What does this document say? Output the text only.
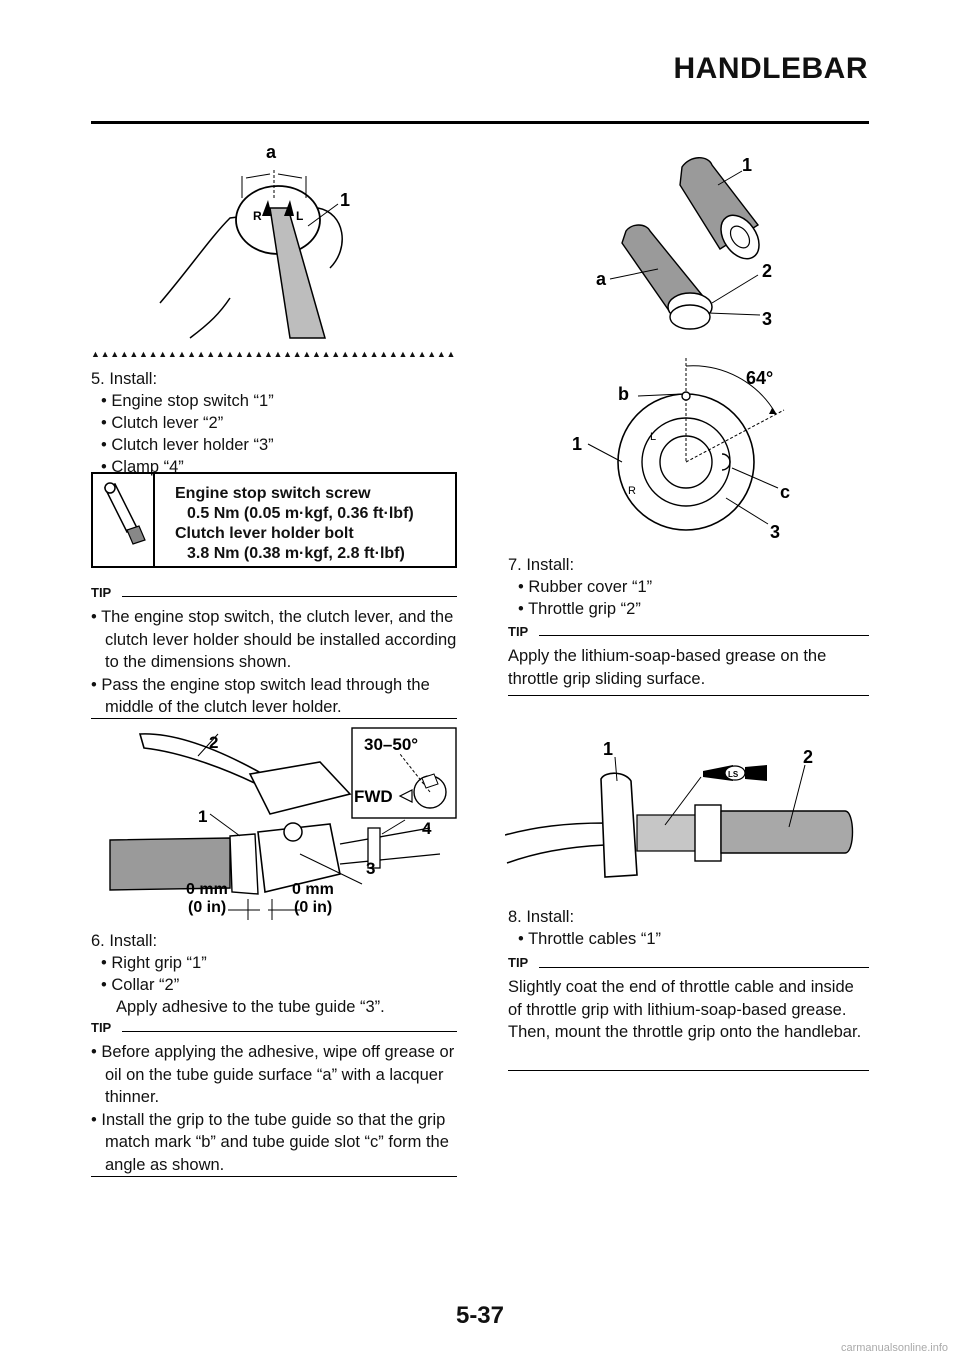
HANDLEBAR
R	L
a
1
▲▲▲▲▲▲▲▲▲▲▲▲▲▲▲▲▲▲▲▲▲▲▲▲▲▲▲▲▲▲▲▲▲▲▲▲▲▲
5. Install:
• Engine stop switch “1”
• Clutch lever “2”
• Clutch lever holder “3”
• Clamp “4”
Engine stop switch screw
0.5 Nm (0.05 m·kgf, 0.36 ft·lbf)
Clutch lever holder bolt
3.8 Nm (0.38 m·kgf, 2.8 ft·lbf)
TIP
• The engine stop switch, the clutch lever, and the clutch lever holder should be installed according to the dimensions shown.
• Pass the engine stop switch lead through the middle of the clutch lever holder.
2
1
4
3
30–50°
FWD
0 mm
(0 in)
0 mm
(0 in)
6. Install:
• Right grip “1”
• Collar “2”
Apply adhesive to the tube guide “3”.
TIP
• Before applying the adhesive, wipe off grease or oil on the tube guide surface “a” with a lacquer thinner.
• Install the grip to the tube guide so that the grip match mark “b” and tube guide slot “c” form the angle as shown.
1
2
3
a
L
R
b
1
c
3
64°
7. Install:
• Rubber cover “1”
• Throttle grip “2”
TIP
Apply the lithium-soap-based grease on the throttle grip sliding surface.
LS
1	2
8. Install:
• Throttle cables “1”
TIP
Slightly coat the end of throttle cable and inside of throttle grip with lithium-soap-based grease. Then, mount the throttle grip onto the handlebar.
5-37
carmanualsonline.info
